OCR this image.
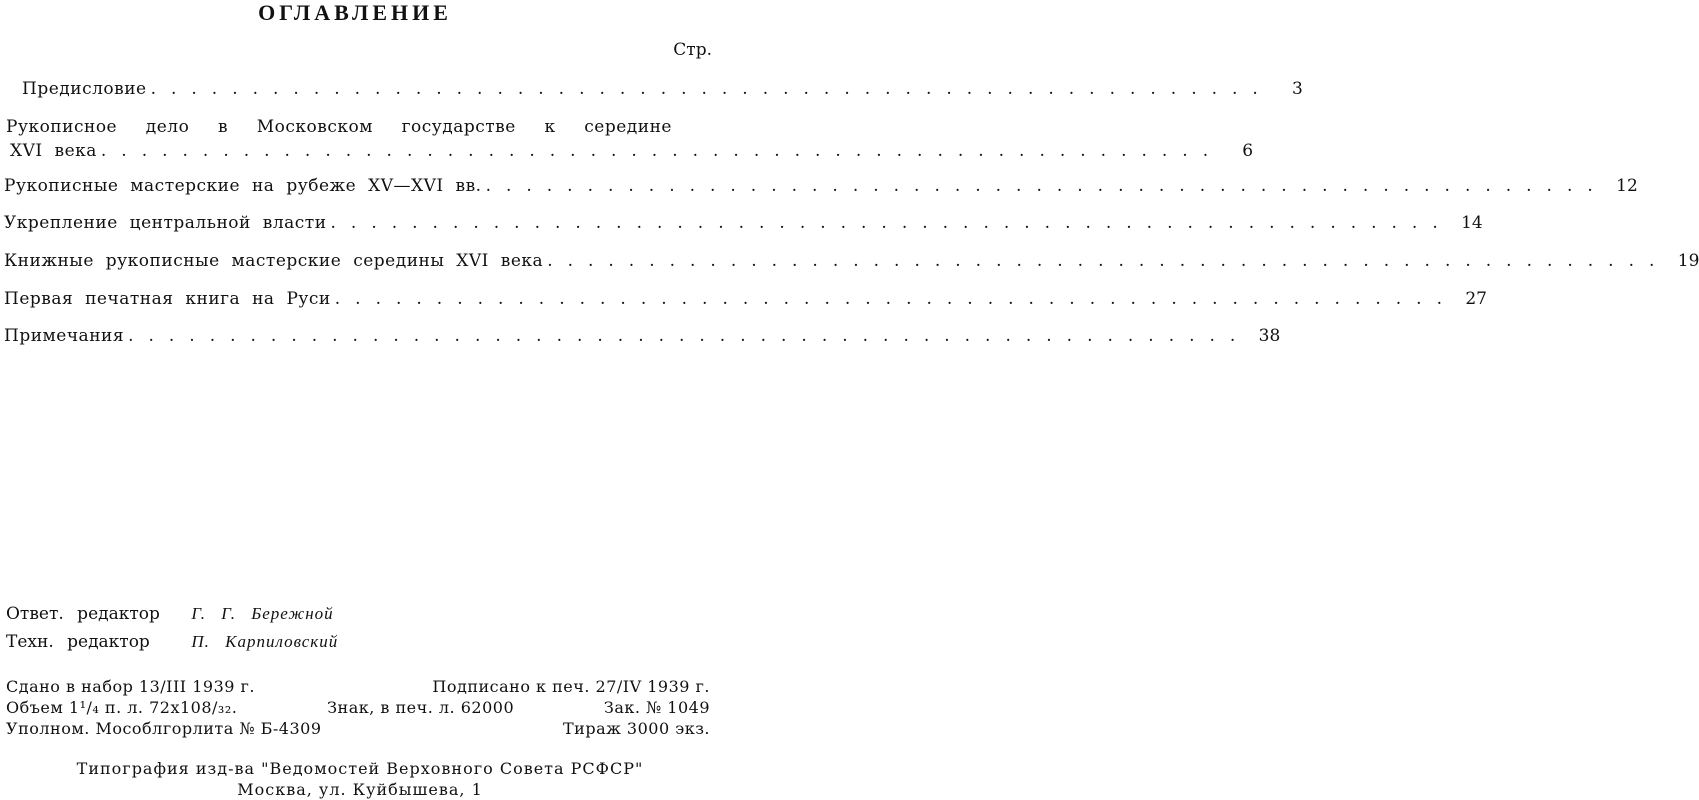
ОГЛАВЛЕНИЕ
Стр.
Предисловие .......................................................	3
Рукописное дело в Московском государстве к середине
XVI века .......................................................	6
Рукописные мастерские на рубеже XV—XVI вв. ....................................................... 12
Укрепление центральной власти ....................................................... 14
Книжные рукописные мастерские середины XVI века ....................................................... 19
Первая печатная книга на Руси ....................................................... 27
Примечания ....................................................... 38
Ответ. редактор Г. Г. Бережной
Техн. редактор П. Карпиловский
Сдано в набор 13/III 1939 г.	Подписано к печ. 27/IV 1939 г.
Объем 1¹/₄ п. л. 72x108/₃₂.	Знак, в печ. л. 62000	Зак. № 1049
Уполном. Мособлгорлита № Б-4309	Тираж 3000 экз.
Типография изд-ва "Ведомостей Верховного Совета РСФСР"
Москва, ул. Куйбышева, 1
